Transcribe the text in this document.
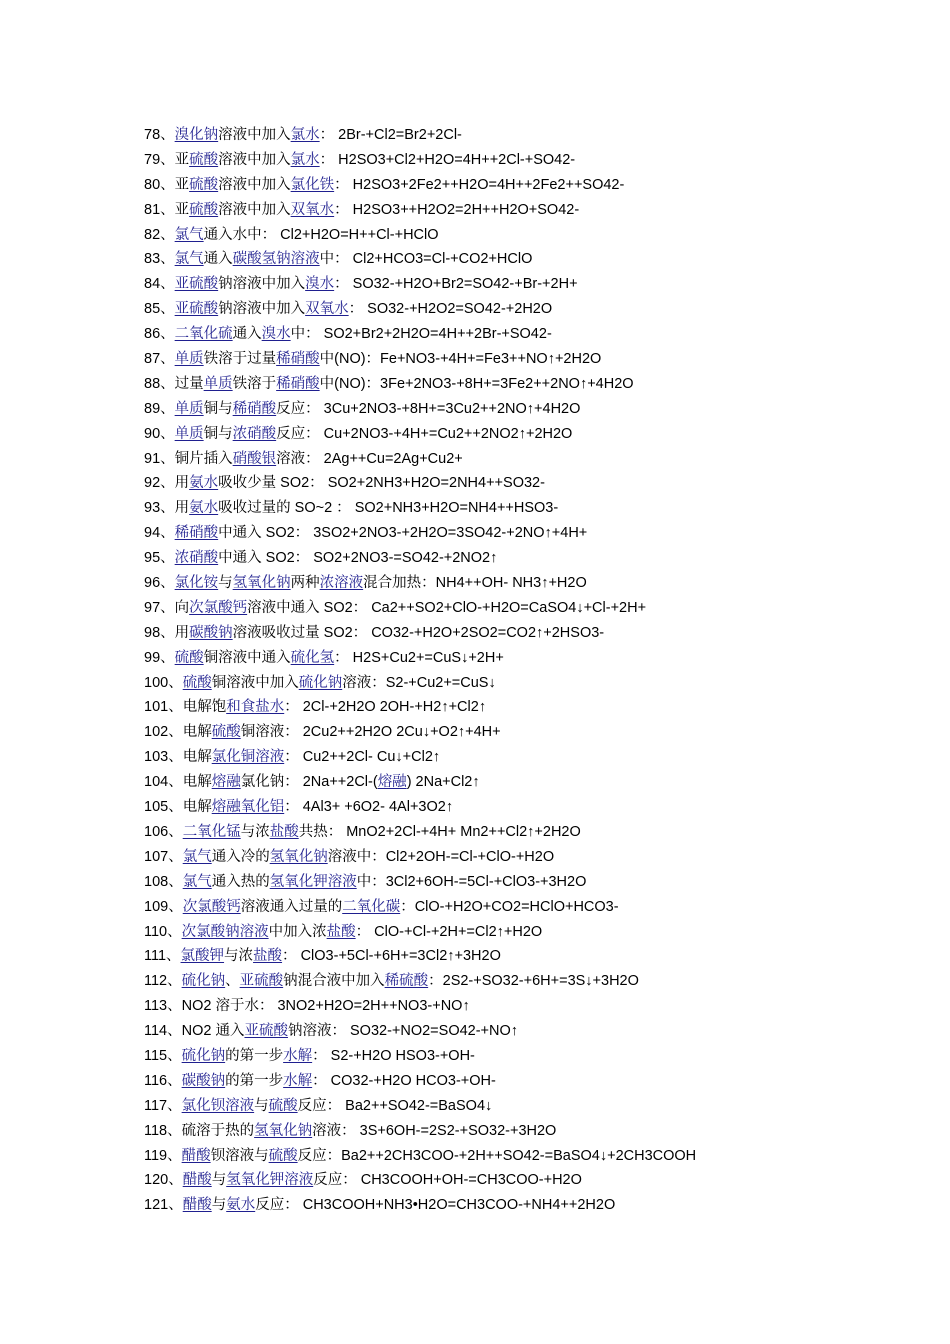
78、溴化钠溶液中加入氯水： 2Br-+Cl2=Br2+2Cl-
79、亚硫酸溶液中加入氯水： H2SO3+Cl2+H2O=4H++2Cl-+SO42-
80、亚硫酸溶液中加入氯化铁： H2SO3+2Fe2++H2O=4H++2Fe2++SO42-
81、亚硫酸溶液中加入双氧水： H2SO3++H2O2=2H++H2O+SO42-
82、氯气通入水中： Cl2+H2O=H++Cl-+HClO
83、氯气通入碳酸氢钠溶液中： Cl2+HCO3=Cl-+CO2+HClO
84、亚硫酸钠溶液中加入溴水： SO32-+H2O+Br2=SO42-+Br-+2H+
85、亚硫酸钠溶液中加入双氧水： SO32-+H2O2=SO42-+2H2O
86、二氧化硫通入溴水中： SO2+Br2+2H2O=4H++2Br-+SO42-
87、单质铁溶于过量稀硝酸中(NO)：Fe+NO3-+4H+=Fe3++NO↑+2H2O
88、过量单质铁溶于稀硝酸中(NO)：3Fe+2NO3-+8H+=3Fe2++2NO↑+4H2O
89、单质铜与稀硝酸反应： 3Cu+2NO3-+8H+=3Cu2++2NO↑+4H2O
90、单质铜与浓硝酸反应： Cu+2NO3-+4H+=Cu2++2NO2↑+2H2O
91、铜片插入硝酸银溶液： 2Ag++Cu=2Ag+Cu2+
92、用氨水吸收少量 SO2： SO2+2NH3+H2O=2NH4++SO32-
93、用氨水吸收过量的 SO~2 ： SO2+NH3+H2O=NH4++HSO3-
94、稀硝酸中通入 SO2： 3SO2+2NO3-+2H2O=3SO42-+2NO↑+4H+
95、浓硝酸中通入 SO2： SO2+2NO3-=SO42-+2NO2↑
96、氯化铵与氢氧化钠两种浓溶液混合加热：NH4++OH- NH3↑+H2O
97、向次氯酸钙溶液中通入 SO2： Ca2++SO2+ClO-+H2O=CaSO4↓+Cl-+2H+
98、用碳酸钠溶液吸收过量 SO2： CO32-+H2O+2SO2=CO2↑+2HSO3-
99、硫酸铜溶液中通入硫化氢： H2S+Cu2+=CuS↓+2H+
100、硫酸铜溶液中加入硫化钠溶液：S2-+Cu2+=CuS↓
101、电解饱和食盐水： 2Cl-+2H2O 2OH-+H2↑+Cl2↑
102、电解硫酸铜溶液： 2Cu2++2H2O 2Cu↓+O2↑+4H+
103、电解氯化铜溶液： Cu2++2Cl- Cu↓+Cl2↑
104、电解熔融氯化钠： 2Na++2Cl-(熔融) 2Na+Cl2↑
105、电解熔融氧化铝： 4Al3+ +6O2- 4Al+3O2↑
106、二氧化锰与浓盐酸共热： MnO2+2Cl-+4H+ Mn2++Cl2↑+2H2O
107、氯气通入冷的氢氧化钠溶液中：Cl2+2OH-=Cl-+ClO-+H2O
108、氯气通入热的氢氧化钾溶液中：3Cl2+6OH-=5Cl-+ClO3-+3H2O
109、次氯酸钙溶液通入过量的二氧化碳：ClO-+H2O+CO2=HClO+HCO3-
110、次氯酸钠溶液中加入浓盐酸： ClO-+Cl-+2H+=Cl2↑+H2O
111、氯酸钾与浓盐酸： ClO3-+5Cl-+6H+=3Cl2↑+3H2O
112、硫化钠、亚硫酸钠混合液中加入稀硫酸：2S2-+SO32-+6H+=3S↓+3H2O
113、NO2 溶于水： 3NO2+H2O=2H++NO3-+NO↑
114、NO2 通入亚硫酸钠溶液： SO32-+NO2=SO42-+NO↑
115、硫化钠的第一步水解： S2-+H2O HSO3-+OH-
116、碳酸钠的第一步水解： CO32-+H2O HCO3-+OH-
117、氯化钡溶液与硫酸反应： Ba2++SO42-=BaSO4↓
118、硫溶于热的氢氧化钠溶液： 3S+6OH-=2S2-+SO32-+3H2O
119、醋酸钡溶液与硫酸反应：Ba2++2CH3COO-+2H++SO42-=BaSO4↓+2CH3COOH
120、醋酸与氢氧化钾溶液反应： CH3COOH+OH-=CH3COO-+H2O
121、醋酸与氨水反应： CH3COOH+NH3•H2O=CH3COO-+NH4++2H2O
